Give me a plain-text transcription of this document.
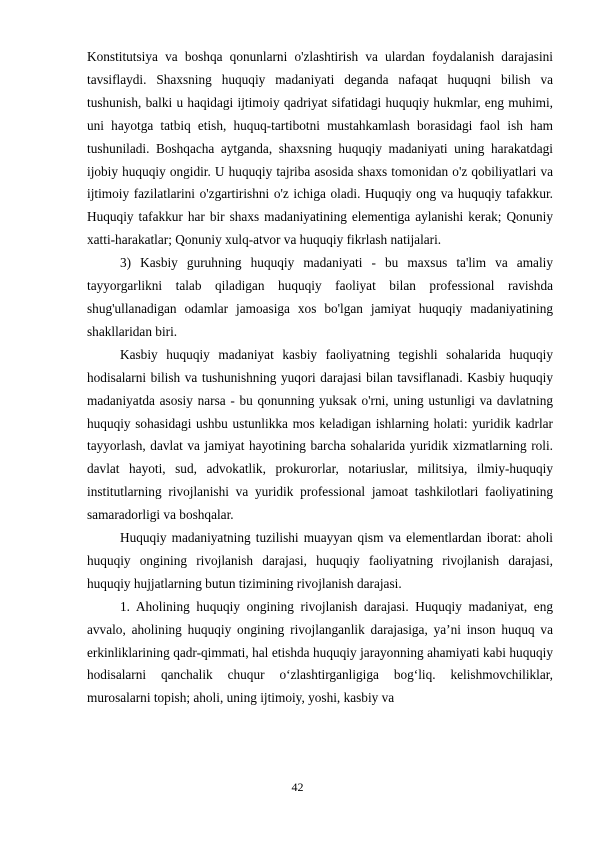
Konstitutsiya va boshqa qonunlarni o'zlashtirish va ulardan foydalanish darajasini tavsiflaydi. Shaxsning huquqiy madaniyati deganda nafaqat huquqni bilish va tushunish, balki u haqidagi ijtimoiy qadriyat sifatidagi huquqiy hukmlar, eng muhimi, uni hayotga tatbiq etish, huquq-tartibotni mustahkamlash borasidagi faol ish ham tushuniladi. Boshqacha aytganda, shaxsning huquqiy madaniyati uning harakatdagi ijobiy huquqiy ongidir. U huquqiy tajriba asosida shaxs tomonidan o'z qobiliyatlari va ijtimoiy fazilatlarini o'zgartirishni o'z ichiga oladi. Huquqiy ong va huquqiy tafakkur. Huquqiy tafakkur har bir shaxs madaniyatining elementiga aylanishi kerak; Qonuniy xatti-harakatlar; Qonuniy xulq-atvor va huquqiy fikrlash natijalari.

3) Kasbiy guruhning huquqiy madaniyati - bu maxsus ta'lim va amaliy tayyorgarlikni talab qiladigan huquqiy faoliyat bilan professional ravishda shug'ullanadigan odamlar jamoasiga xos bo'lgan jamiyat huquqiy madaniyatining shakllaridan biri.

Kasbiy huquqiy madaniyat kasbiy faoliyatning tegishli sohalarida huquqiy hodisalarni bilish va tushunishning yuqori darajasi bilan tavsiflanadi. Kasbiy huquqiy madaniyatda asosiy narsa - bu qonunning yuksak o'rni, uning ustunligi va davlatning huquqiy sohasidagi ushbu ustunlikka mos keladigan ishlarning holati: yuridik kadrlar tayyorlash, davlat va jamiyat hayotining barcha sohalarida yuridik xizmatlarning roli. davlat hayoti, sud, advokatlik, prokurorlar, notariuslar, militsiya, ilmiy-huquqiy institutlarning rivojlanishi va yuridik professional jamoat tashkilotlari faoliyatining samaradorligi va boshqalar.

Huquqiy madaniyatning tuzilishi muayyan qism va elementlardan iborat: aholi huquqiy ongining rivojlanish darajasi, huquqiy faoliyatning rivojlanish darajasi, huquqiy hujjatlarning butun tizimining rivojlanish darajasi.

1. Aholining huquqiy ongining rivojlanish darajasi. Huquqiy madaniyat, eng avvalo, aholining huquqiy ongining rivojlanganlik darajasiga, ya’ni inson huquq va erkinliklarining qadr-qimmati, hal etishda huquqiy jarayonning ahamiyati kabi huquqiy hodisalarni qanchalik chuqur o‘zlashtirganligiga bog‘liq. kelishmovchiliklar, murosalarni topish; aholi, uning ijtimoiy, yoshi, kasbiy va

42
